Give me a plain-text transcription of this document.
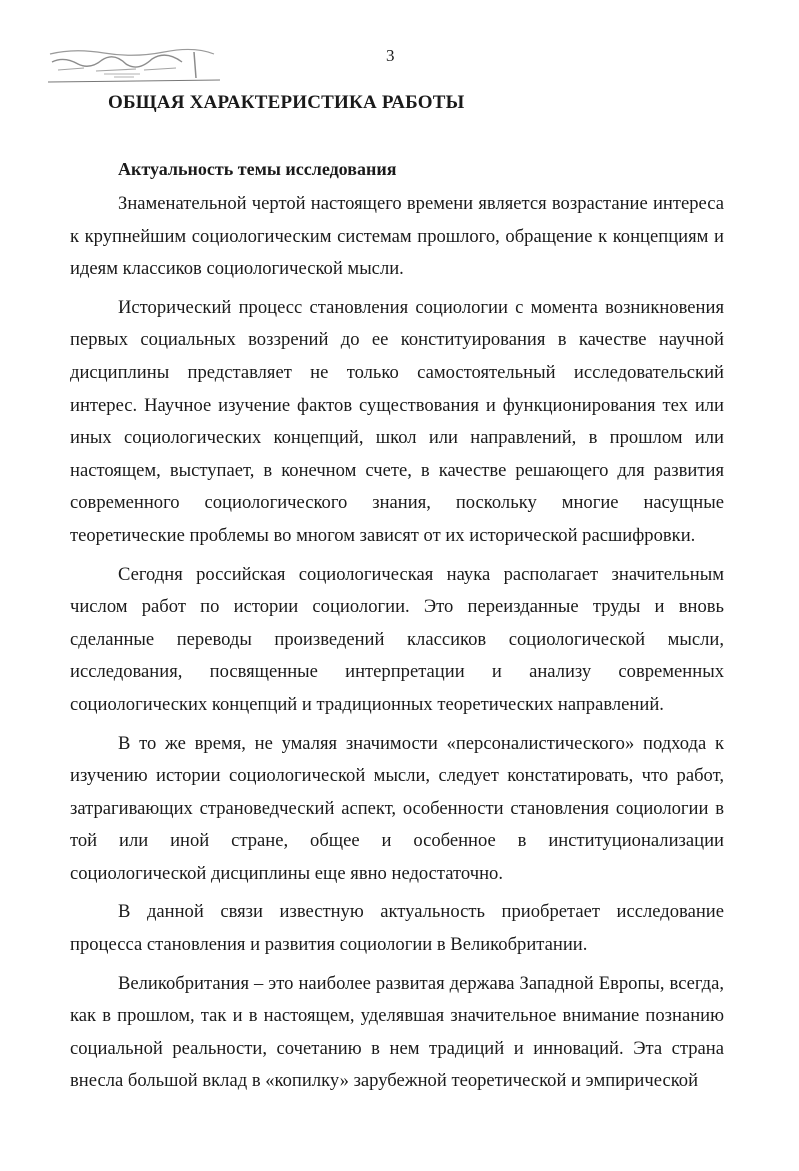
3
ОБЩАЯ ХАРАКТЕРИСТИКА РАБОТЫ
Актуальность темы исследования

Знаменательной чертой настоящего времени является возрастание интереса к крупнейшим социологическим системам прошлого, обращение к концепциям и идеям классиков социологической мысли.

Исторический процесс становления социологии с момента возникновения первых социальных воззрений до ее конституирования в качестве научной дисциплины представляет не только самостоятельный исследовательский интерес. Научное изучение фактов существования и функционирования тех или иных социологических концепций, школ или направлений, в прошлом или настоящем, выступает, в конечном счете, в качестве решающего для развития современного социологического знания, поскольку многие насущные теоретические проблемы во многом зависят от их исторической расшифровки.

Сегодня российская социологическая наука располагает значительным числом работ по истории социологии. Это переизданные труды и вновь сделанные переводы произведений классиков социологической мысли, исследования, посвященные интерпретации и анализу современных социологических концепций и традиционных теоретических направлений.

В то же время, не умаляя значимости «персоналистического» подхода к изучению истории социологической мысли, следует констатировать, что работ, затрагивающих страноведческий аспект, особенности становления социологии в той или иной стране, общее и особенное в институционализации социологической дисциплины еще явно недостаточно.

В данной связи известную актуальность приобретает исследование процесса становления и развития социологии в Великобритании.

Великобритания – это наиболее развитая держава Западной Европы, всегда, как в прошлом, так и в настоящем, уделявшая значительное внимание познанию социальной реальности, сочетанию в нем традиций и инноваций. Эта страна внесла большой вклад в «копилку» зарубежной теоретической и эмпирической
